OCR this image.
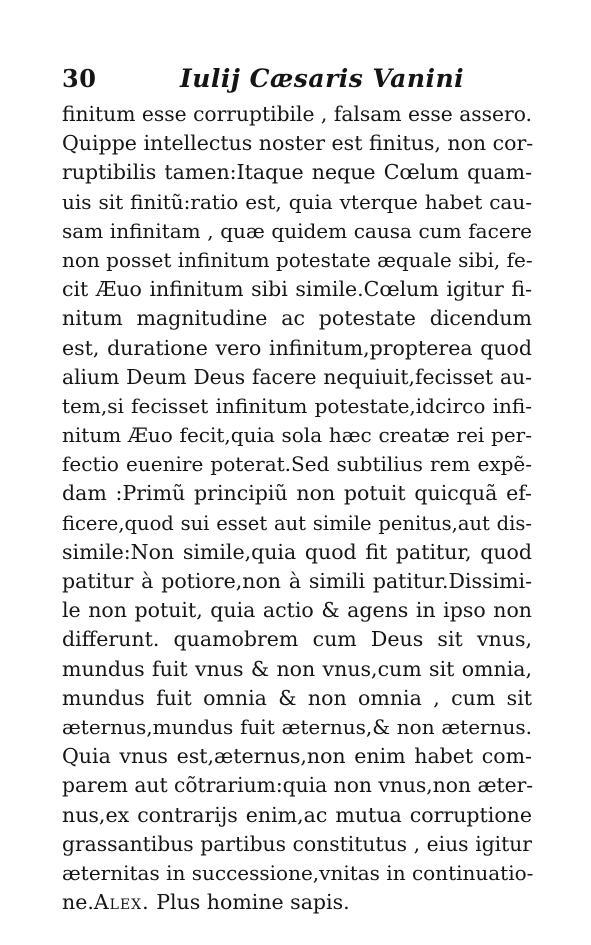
30	Iulij Cæsaris Vanini
finitum esse corruptibile , falsam esse assero.
Quippe intellectus noster est finitus, non cor-
ruptibilis tamen:Itaque neque Cœlum quam-
uis sit finitũ:ratio est, quia vterque habet cau-
sam infinitam , quæ quidem causa cum facere
non posset infinitum potestate æquale sibi, fe-
cit Æuo infinitum sibi simile.Cœlum igitur fi-
nitum magnitudine ac potestate dicendum
est, duratione vero infinitum,propterea quod
alium Deum Deus facere nequiuit,fecisset au-
tem,si fecisset infinitum potestate,idcirco infi-
nitum Æuo fecit,quia sola hæc creatæ rei per-
fectio euenire poterat.Sed subtilius rem expẽ-
dam :Primũ principiũ non potuit quicquã ef-
ficere,quod sui esset aut simile penitus,aut dis-
simile:Non simile,quia quod fit patitur, quod
patitur à potiore,non à simili patitur.Dissimi-
le non potuit, quia actio & agens in ipso non
differunt. quamobrem cum Deus sit vnus,
mundus fuit vnus & non vnus,cum sit omnia,
mundus fuit omnia & non omnia , cum sit
æternus,mundus fuit æternus,& non æternus.
Quia vnus est,æternus,non enim habet com-
parem aut cõtrarium:quia non vnus,non æter-
nus,ex contrarijs enim,ac mutua corruptione
grassantibus partibus constitutus , eius igitur
æternitas in successione,vnitas in continuatio-
ne.Alex. Plus homine sapis.
